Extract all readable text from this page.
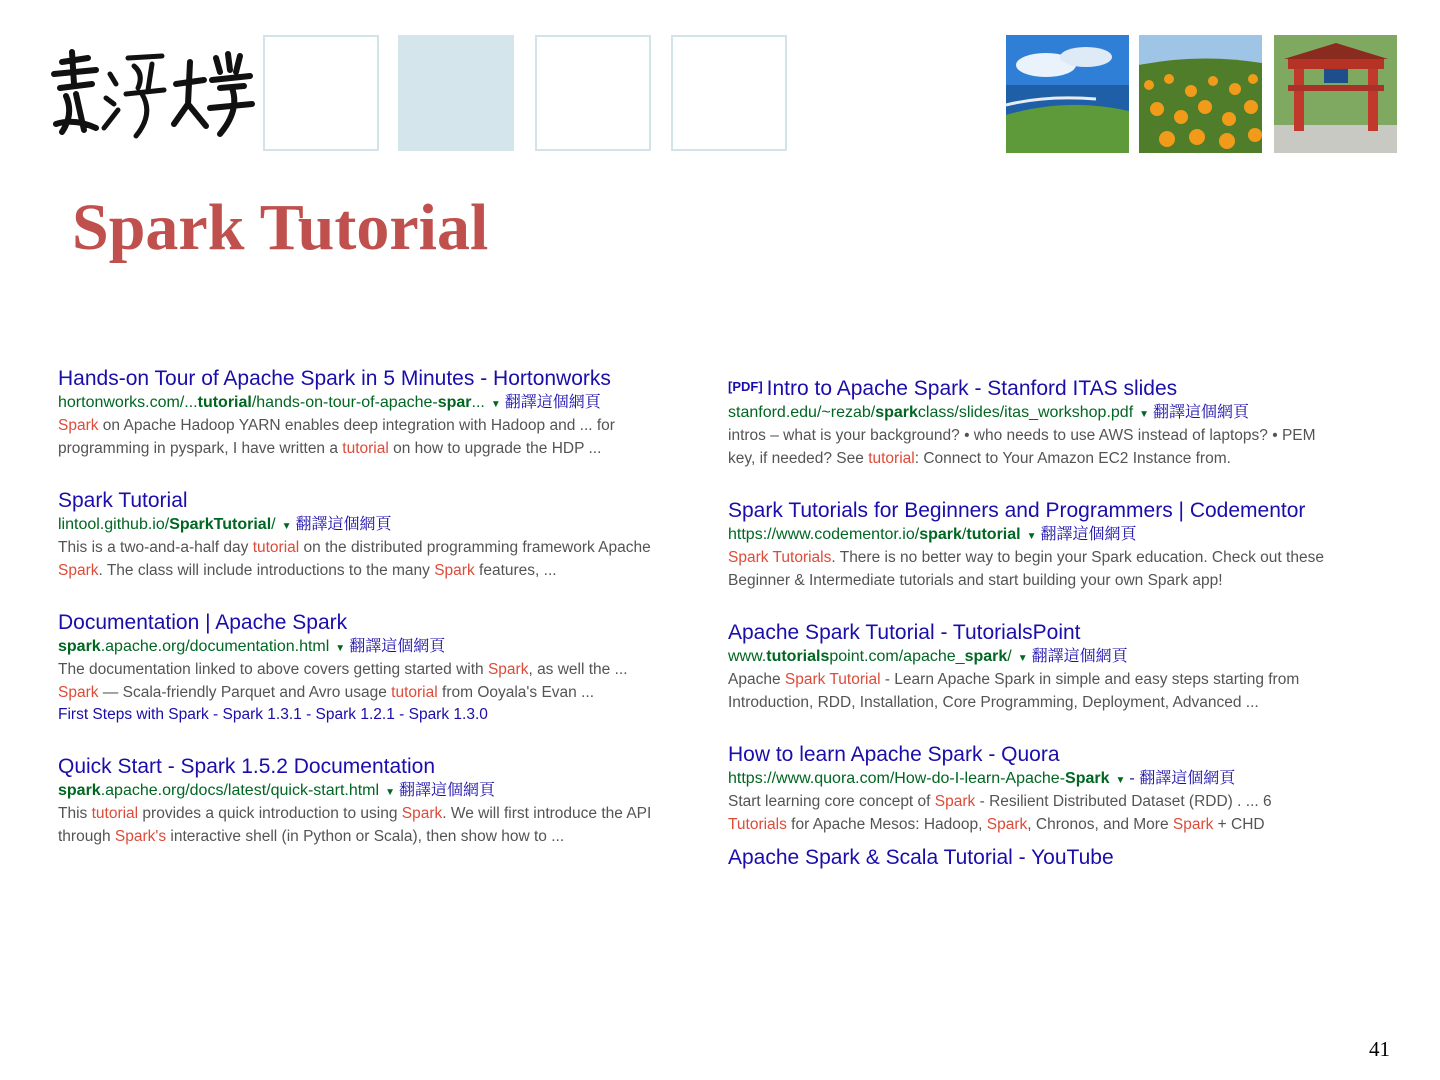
Spark Tutorial
Hands-on Tour of Apache Spark in 5 Minutes - Hortonworks
hortonworks.com/...tutorial/hands-on-tour-of-apache-spar... ▼ 翻譯這個網頁
Spark on Apache Hadoop YARN enables deep integration with Hadoop and ... for
programming in pyspark, I have written a tutorial on how to upgrade the HDP ...
Spark Tutorial
lintool.github.io/SparkTutorial/ ▼ 翻譯這個網頁
This is a two-and-a-half day tutorial on the distributed programming framework Apache
Spark. The class will include introductions to the many Spark features, ...
Documentation | Apache Spark
spark.apache.org/documentation.html ▼ 翻譯這個網頁
The documentation linked to above covers getting started with Spark, as well the ...
Spark — Scala-friendly Parquet and Avro usage tutorial from Ooyala's Evan ...
First Steps with Spark - Spark 1.3.1 - Spark 1.2.1 - Spark 1.3.0
Quick Start - Spark 1.5.2 Documentation
spark.apache.org/docs/latest/quick-start.html ▼ 翻譯這個網頁
This tutorial provides a quick introduction to using Spark. We will first introduce the API
through Spark's interactive shell (in Python or Scala), then show how to ...
[PDF] Intro to Apache Spark - Stanford ITAS slides
stanford.edu/~rezab/sparkclass/slides/itas_workshop.pdf ▼ 翻譯這個網頁
intros – what is your background? • who needs to use AWS instead of laptops? • PEM
key, if needed? See tutorial: Connect to Your Amazon EC2 Instance from.
Spark Tutorials for Beginners and Programmers | Codementor
https://www.codementor.io/spark/tutorial ▼ 翻譯這個網頁
Spark Tutorials. There is no better way to begin your Spark education. Check out these
Beginner & Intermediate tutorials and start building your own Spark app!
Apache Spark Tutorial - TutorialsPoint
www.tutorialspoint.com/apache_spark/ ▼ 翻譯這個網頁
Apache Spark Tutorial - Learn Apache Spark in simple and easy steps starting from
Introduction, RDD, Installation, Core Programming, Deployment, Advanced ...
How to learn Apache Spark - Quora
https://www.quora.com/How-do-I-learn-Apache-Spark ▼ - 翻譯這個網頁
Start learning core concept of Spark - Resilient Distributed Dataset (RDD) . ... 6
Tutorials for Apache Mesos: Hadoop, Spark, Chronos, and More Spark + CHD
Apache Spark & Scala Tutorial - YouTube
41
